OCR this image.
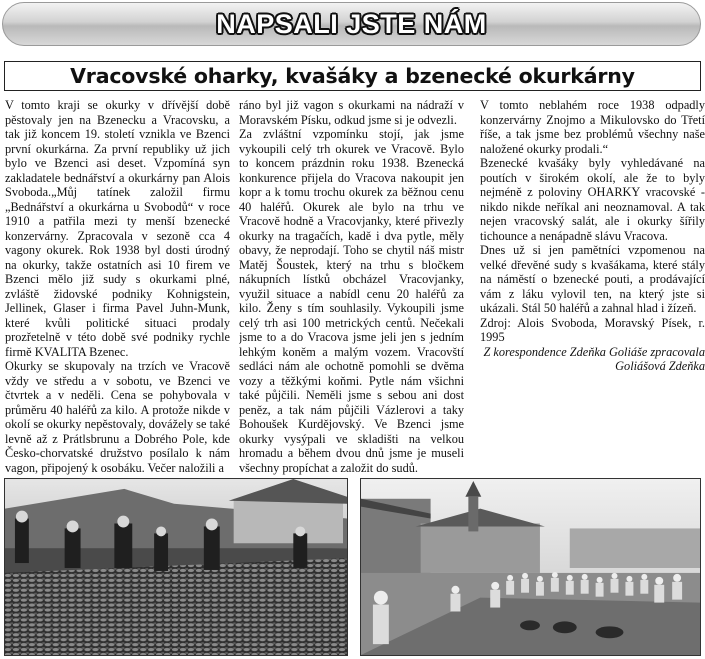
NAPSALI JSTE NÁM
Vracovské oharky, kvašáky a bzenecké okurkárny

V tomto kraji se okurky v dřívější době pěstovaly jen na Bzenecku a Vracovsku, a tak již koncem 19. století vznikla ve Bzenci první okurkárna. Za první republiky už jich bylo ve Bzenci asi deset. Vzpomíná syn zakladatele bednářství a okurkárny pan Alois Svoboda.„Můj tatínek založil firmu „Bednářství a okurkárna u Svobodů“ v roce 1910 a patřila mezi ty menší bzenecké konzervárny. Zpracovala v sezoně cca 4 vagony okurek. Rok 1938 byl dosti úrodný na okurky, takže ostatních asi 10 firem ve Bzenci mělo již sudy s okurkami plné, zvláště židovské podniky Kohnigstein, Jellinek, Glaser i firma Pavel Juhn-Munk, které kvůli politické situaci prodaly prozřetelně v této době své podniky rychle firmě KVALITA Bzenec.

Okurky se skupovaly na trzích ve Vracově vždy ve středu a v sobotu, ve Bzenci ve čtvrtek a v neděli. Cena se pohybovala v průměru 40 haléřů za kilo. A protože nikde v okolí se okurky nepěstovaly, dovážely se také levně až z Prátlsbrunu a Dobrého Pole, kde Česko-chorvatské družstvo posílalo k nám vagon, připojený k osobáku. Večer naložili a

ráno byl již vagon s okurkami na nádraží v Moravském Písku, odkud jsme si je odvezli.

Za zvláštní vzpomínku stojí, jak jsme vykoupili celý trh okurek ve Vracově. Bylo to koncem prázdnin roku 1938. Bzenecká konkurence přijela do Vracova nakoupit jen kopr a k tomu trochu okurek za běžnou cenu 40 haléřů. Okurek ale bylo na trhu ve Vracově hodně a Vracovjanky, které přivezly okurky na tragačích, kadě i dva pytle, měly obavy, že neprodají. Toho se chytil náš mistr Matěj Šoustek, který na trhu s bločkem nákupních lístků obcházel Vracovjanky, využil situace a nabídl cenu 20 haléřů za kilo. Ženy s tím souhlasily. Vykoupili jsme celý trh asi 100 metrických centů. Nečekali jsme to a do Vracova jsme jeli jen s jedním lehkým koněm a malým vozem. Vracovští sedláci nám ale ochotně pomohli se dvěma vozy a těžkými koňmi. Pytle nám všichni také půjčili. Neměli jsme s sebou ani dost peněz, a tak nám půjčili Vázlerovi a taky Bohoušek Kurdějovský. Ve Bzenci jsme okurky vysýpali ve skladišti na velkou hromadu a během dvou dnů jsme je museli všechny propíchat a založit do sudů.

V tomto neblahém roce 1938 odpadly konzervárny Znojmo a Mikulovsko do Třetí říše, a tak jsme bez problémů všechny naše naložené okurky prodali.“

Bzenecké kvašáky byly vyhledávané na poutích v širokém okolí, ale že to byly nejméně z poloviny OHARKY vracovské - nikdo nikde neříkal ani neoznamoval. A tak nejen vracovský salát, ale i okurky šířily tichounce a nenápadně slávu Vracova.

Dnes už si jen pamětníci vzpomenou na velké dřevěné sudy s kvašákama, které stály na náměstí o bzenecké pouti, a prodávající vám z láku vylovil ten, na který jste si ukázali. Stál 50 haléřů a zahnal hlad i žízeň.

Zdroj: Alois Svoboda, Moravský Písek, r. 1995

Z korespondence Zdeňka Goliáše zpracovala Goliášová Zdeňka
